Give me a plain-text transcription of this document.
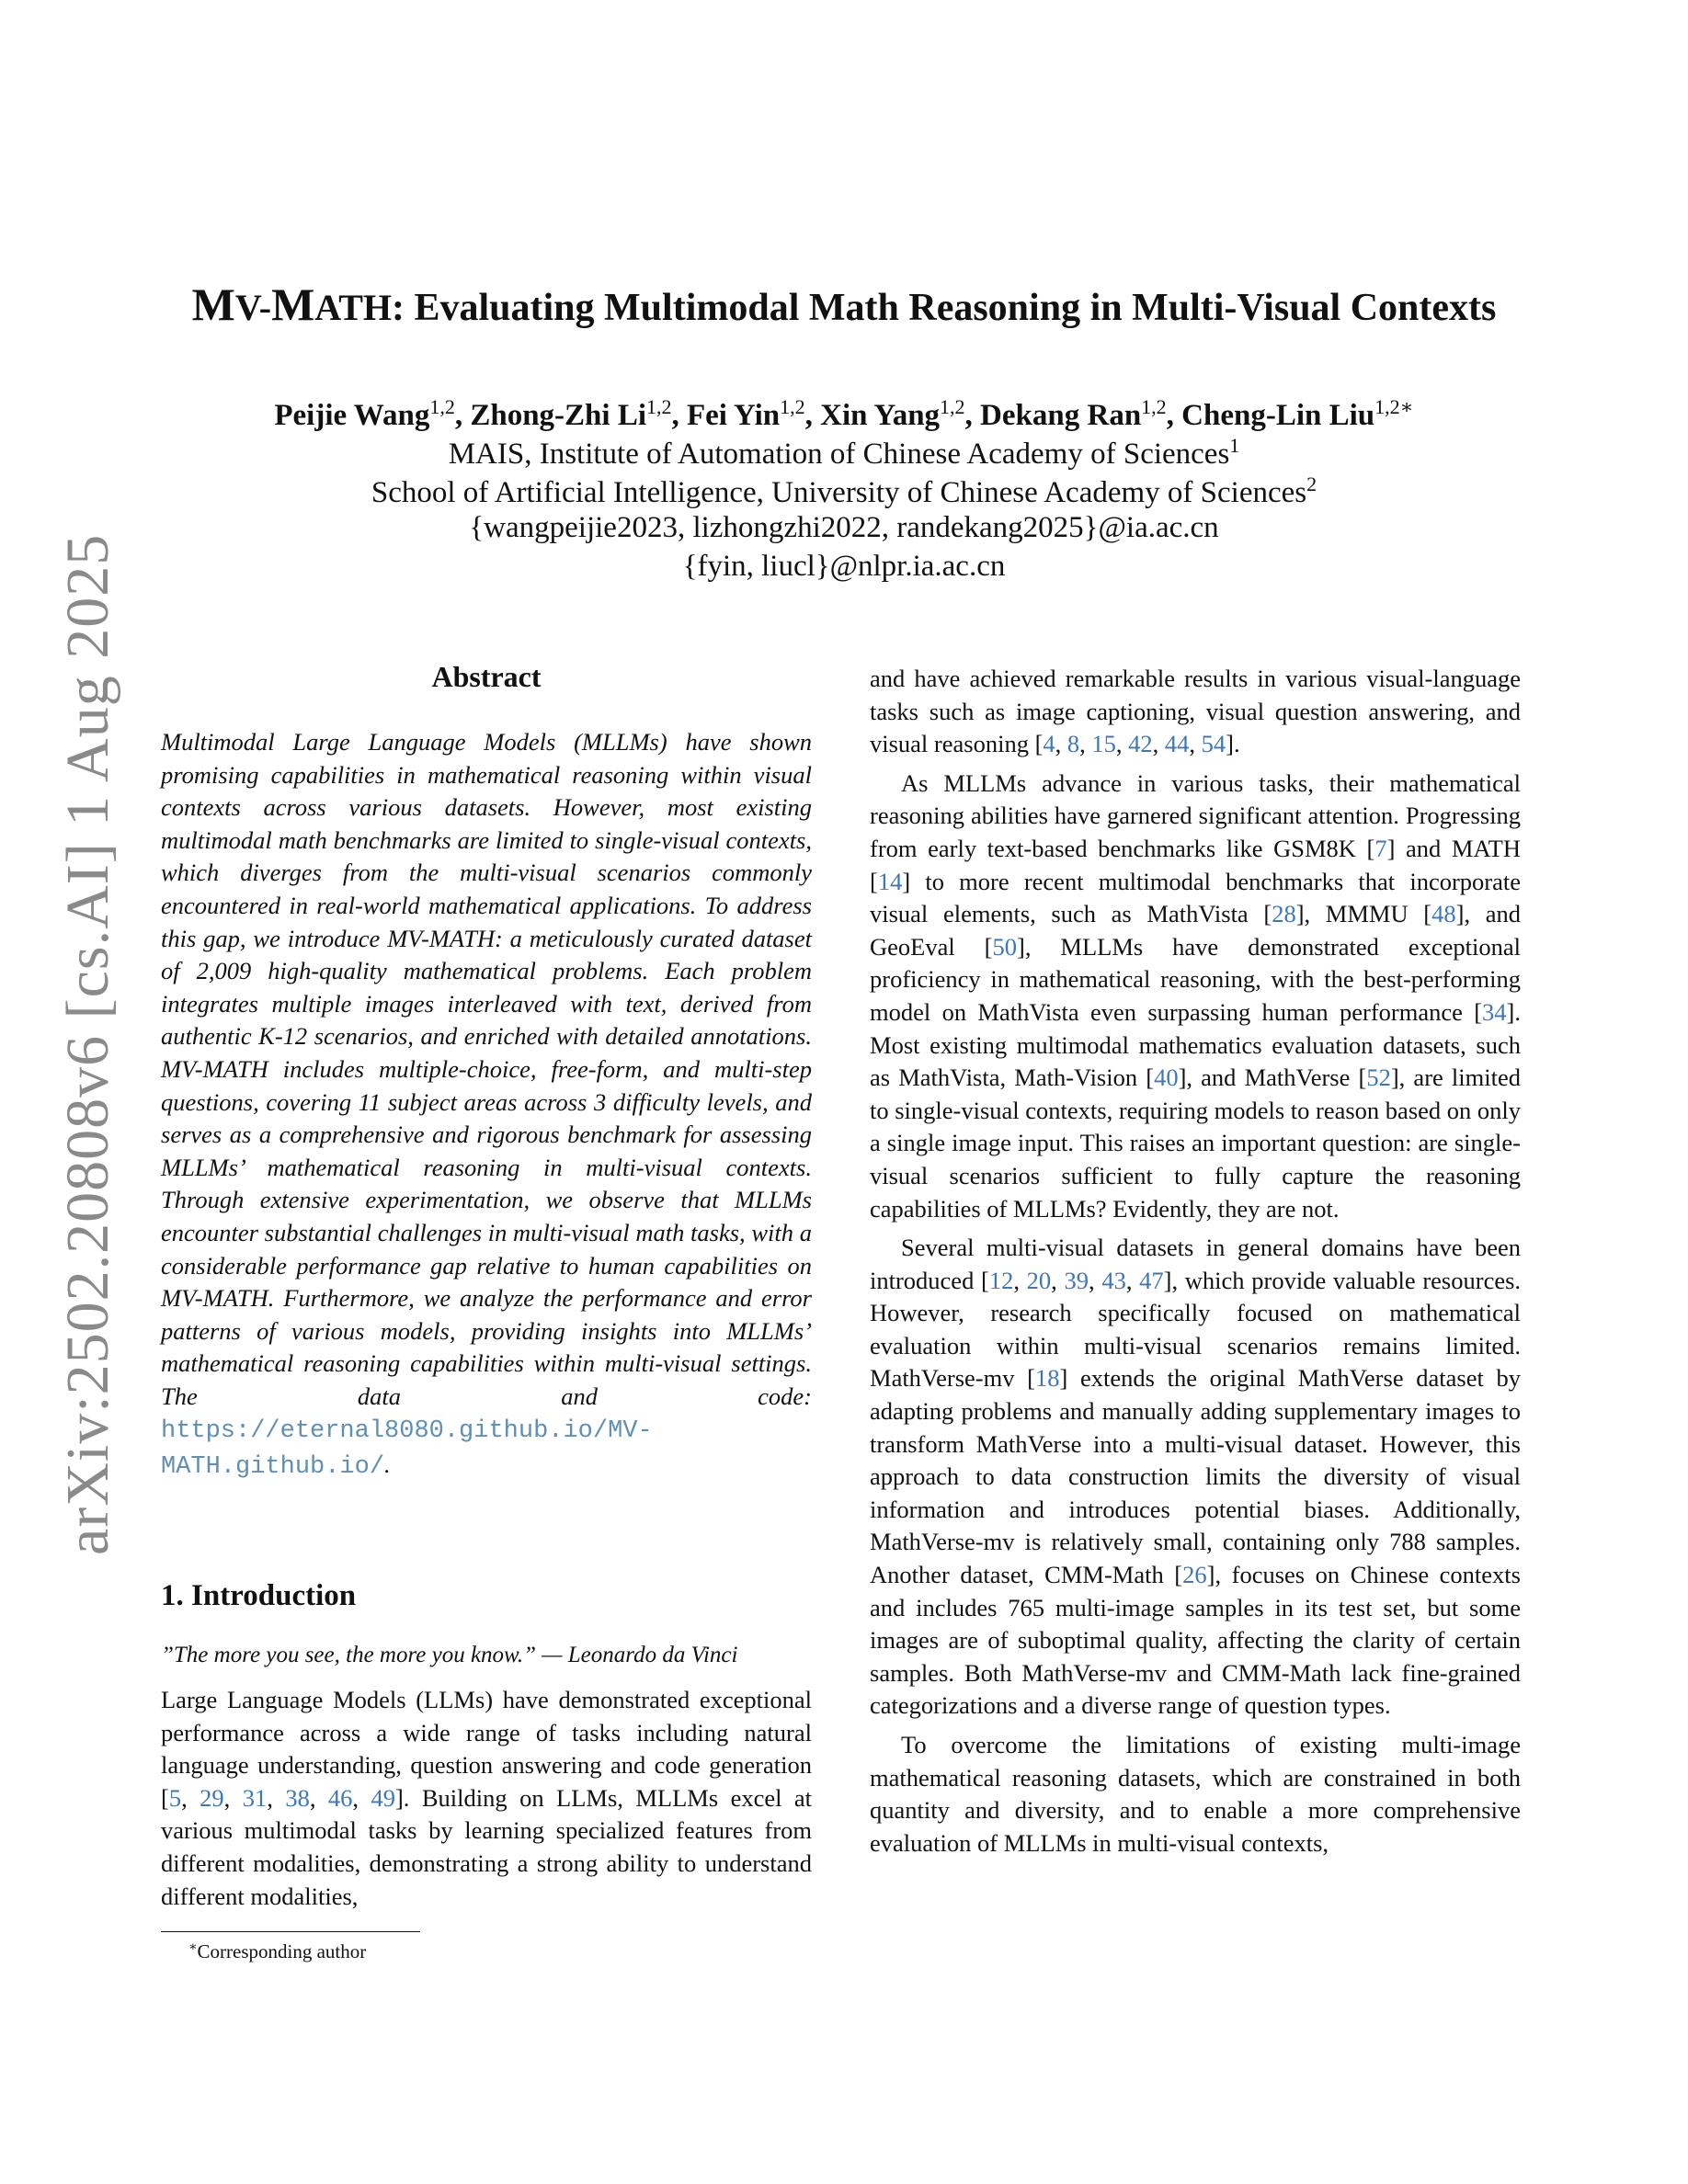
arXiv:2502.20808v6 [cs.AI] 1 Aug 2025
MV-MATH: Evaluating Multimodal Math Reasoning in Multi-Visual Contexts
Peijie Wang$^{1,2}$, Zhong-Zhi Li$^{1,2}$, Fei Yin$^{1,2}$, Xin Yang$^{1,2}$, Dekang Ran$^{1,2}$, Cheng-Lin Liu$^{1,2∗}$
MAIS, Institute of Automation of Chinese Academy of Sciences$^1$
School of Artificial Intelligence, University of Chinese Academy of Sciences$^2$
{wangpeijie2023, lizhongzhi2022, randekang2025}@ia.ac.cn
{fyin, liucl}@nlpr.ia.ac.cn
Abstract
Multimodal Large Language Models (MLLMs) have shown promising capabilities in mathematical reasoning within visual contexts across various datasets. However, most existing multimodal math benchmarks are limited to single-visual contexts, which diverges from the multi-visual scenarios commonly encountered in real-world mathematical applications. To address this gap, we introduce MV-MATH: a meticulously curated dataset of 2,009 high-quality mathematical problems. Each problem integrates multiple images interleaved with text, derived from authentic K-12 scenarios, and enriched with detailed annotations. MV-MATH includes multiple-choice, free-form, and multi-step questions, covering 11 subject areas across 3 difficulty levels, and serves as a comprehensive and rigorous benchmark for assessing MLLMs’ mathematical reasoning in multi-visual contexts. Through extensive experimentation, we observe that MLLMs encounter substantial challenges in multi-visual math tasks, with a considerable performance gap relative to human capabilities on MV-MATH. Furthermore, we analyze the performance and error patterns of various models, providing insights into MLLMs’ mathematical reasoning capabilities within multi-visual settings. The data and code: https://eternal8080.github.io/MV-MATH.github.io/.
1. Introduction
”The more you see, the more you know.” — Leonardo da Vinci
Large Language Models (LLMs) have demonstrated exceptional performance across a wide range of tasks including natural language understanding, question answering and code generation [5, 29, 31, 38, 46, 49]. Building on LLMs, MLLMs excel at various multimodal tasks by learning specialized features from different modalities, demonstrating a strong ability to understand different modalities,
∗Corresponding author

and have achieved remarkable results in various visual-language tasks such as image captioning, visual question answering, and visual reasoning [4, 8, 15, 42, 44, 54].

As MLLMs advance in various tasks, their mathematical reasoning abilities have garnered significant attention. Progressing from early text-based benchmarks like GSM8K [7] and MATH [14] to more recent multimodal benchmarks that incorporate visual elements, such as MathVista [28], MMMU [48], and GeoEval [50], MLLMs have demonstrated exceptional proficiency in mathematical reasoning, with the best-performing model on MathVista even surpassing human performance [34]. Most existing multimodal mathematics evaluation datasets, such as MathVista, Math-Vision [40], and MathVerse [52], are limited to single-visual contexts, requiring models to reason based on only a single image input. This raises an important question: are single-visual scenarios sufficient to fully capture the reasoning capabilities of MLLMs? Evidently, they are not.

Several multi-visual datasets in general domains have been introduced [12, 20, 39, 43, 47], which provide valuable resources. However, research specifically focused on mathematical evaluation within multi-visual scenarios remains limited. MathVerse-mv [18] extends the original MathVerse dataset by adapting problems and manually adding supplementary images to transform MathVerse into a multi-visual dataset. However, this approach to data construction limits the diversity of visual information and introduces potential biases. Additionally, MathVerse-mv is relatively small, containing only 788 samples. Another dataset, CMM-Math [26], focuses on Chinese contexts and includes 765 multi-image samples in its test set, but some images are of suboptimal quality, affecting the clarity of certain samples. Both MathVerse-mv and CMM-Math lack fine-grained categorizations and a diverse range of question types.

To overcome the limitations of existing multi-image mathematical reasoning datasets, which are constrained in both quantity and diversity, and to enable a more comprehensive evaluation of MLLMs in multi-visual contexts,
